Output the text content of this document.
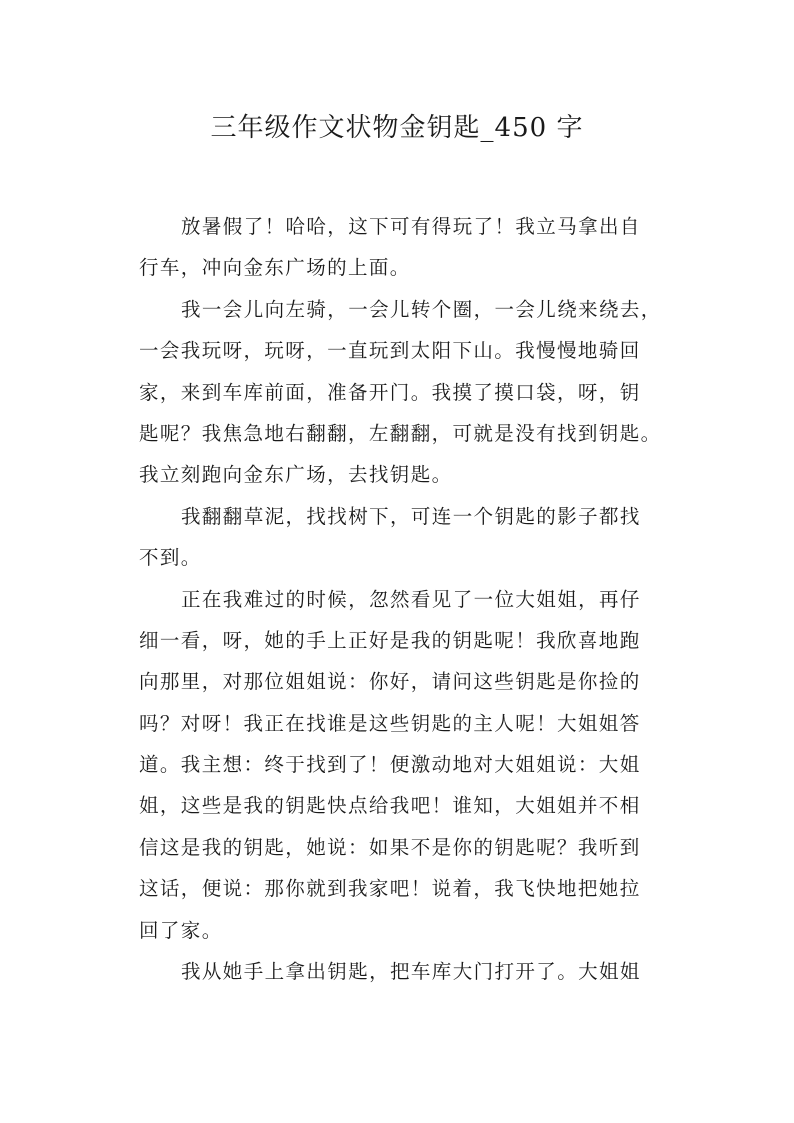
三年级作文状物金钥匙_450 字
放暑假了！哈哈，这下可有得玩了！我立马拿出自
行车，冲向金东广场的上面。
我一会儿向左骑，一会儿转个圈，一会儿绕来绕去，
一会我玩呀，玩呀，一直玩到太阳下山。我慢慢地骑回
家，来到车库前面，准备开门。我摸了摸口袋，呀，钥
匙呢？我焦急地右翻翻，左翻翻，可就是没有找到钥匙。
我立刻跑向金东广场，去找钥匙。
我翻翻草泥，找找树下，可连一个钥匙的影子都找
不到。
正在我难过的时候，忽然看见了一位大姐姐，再仔
细一看，呀，她的手上正好是我的钥匙呢！我欣喜地跑
向那里，对那位姐姐说：你好，请问这些钥匙是你捡的
吗？对呀！我正在找谁是这些钥匙的主人呢！大姐姐答
道。我主想：终于找到了！便激动地对大姐姐说：大姐
姐，这些是我的钥匙快点给我吧！谁知，大姐姐并不相
信这是我的钥匙，她说：如果不是你的钥匙呢？我听到
这话，便说：那你就到我家吧！说着，我飞快地把她拉
回了家。
我从她手上拿出钥匙，把车库大门打开了。大姐姐
